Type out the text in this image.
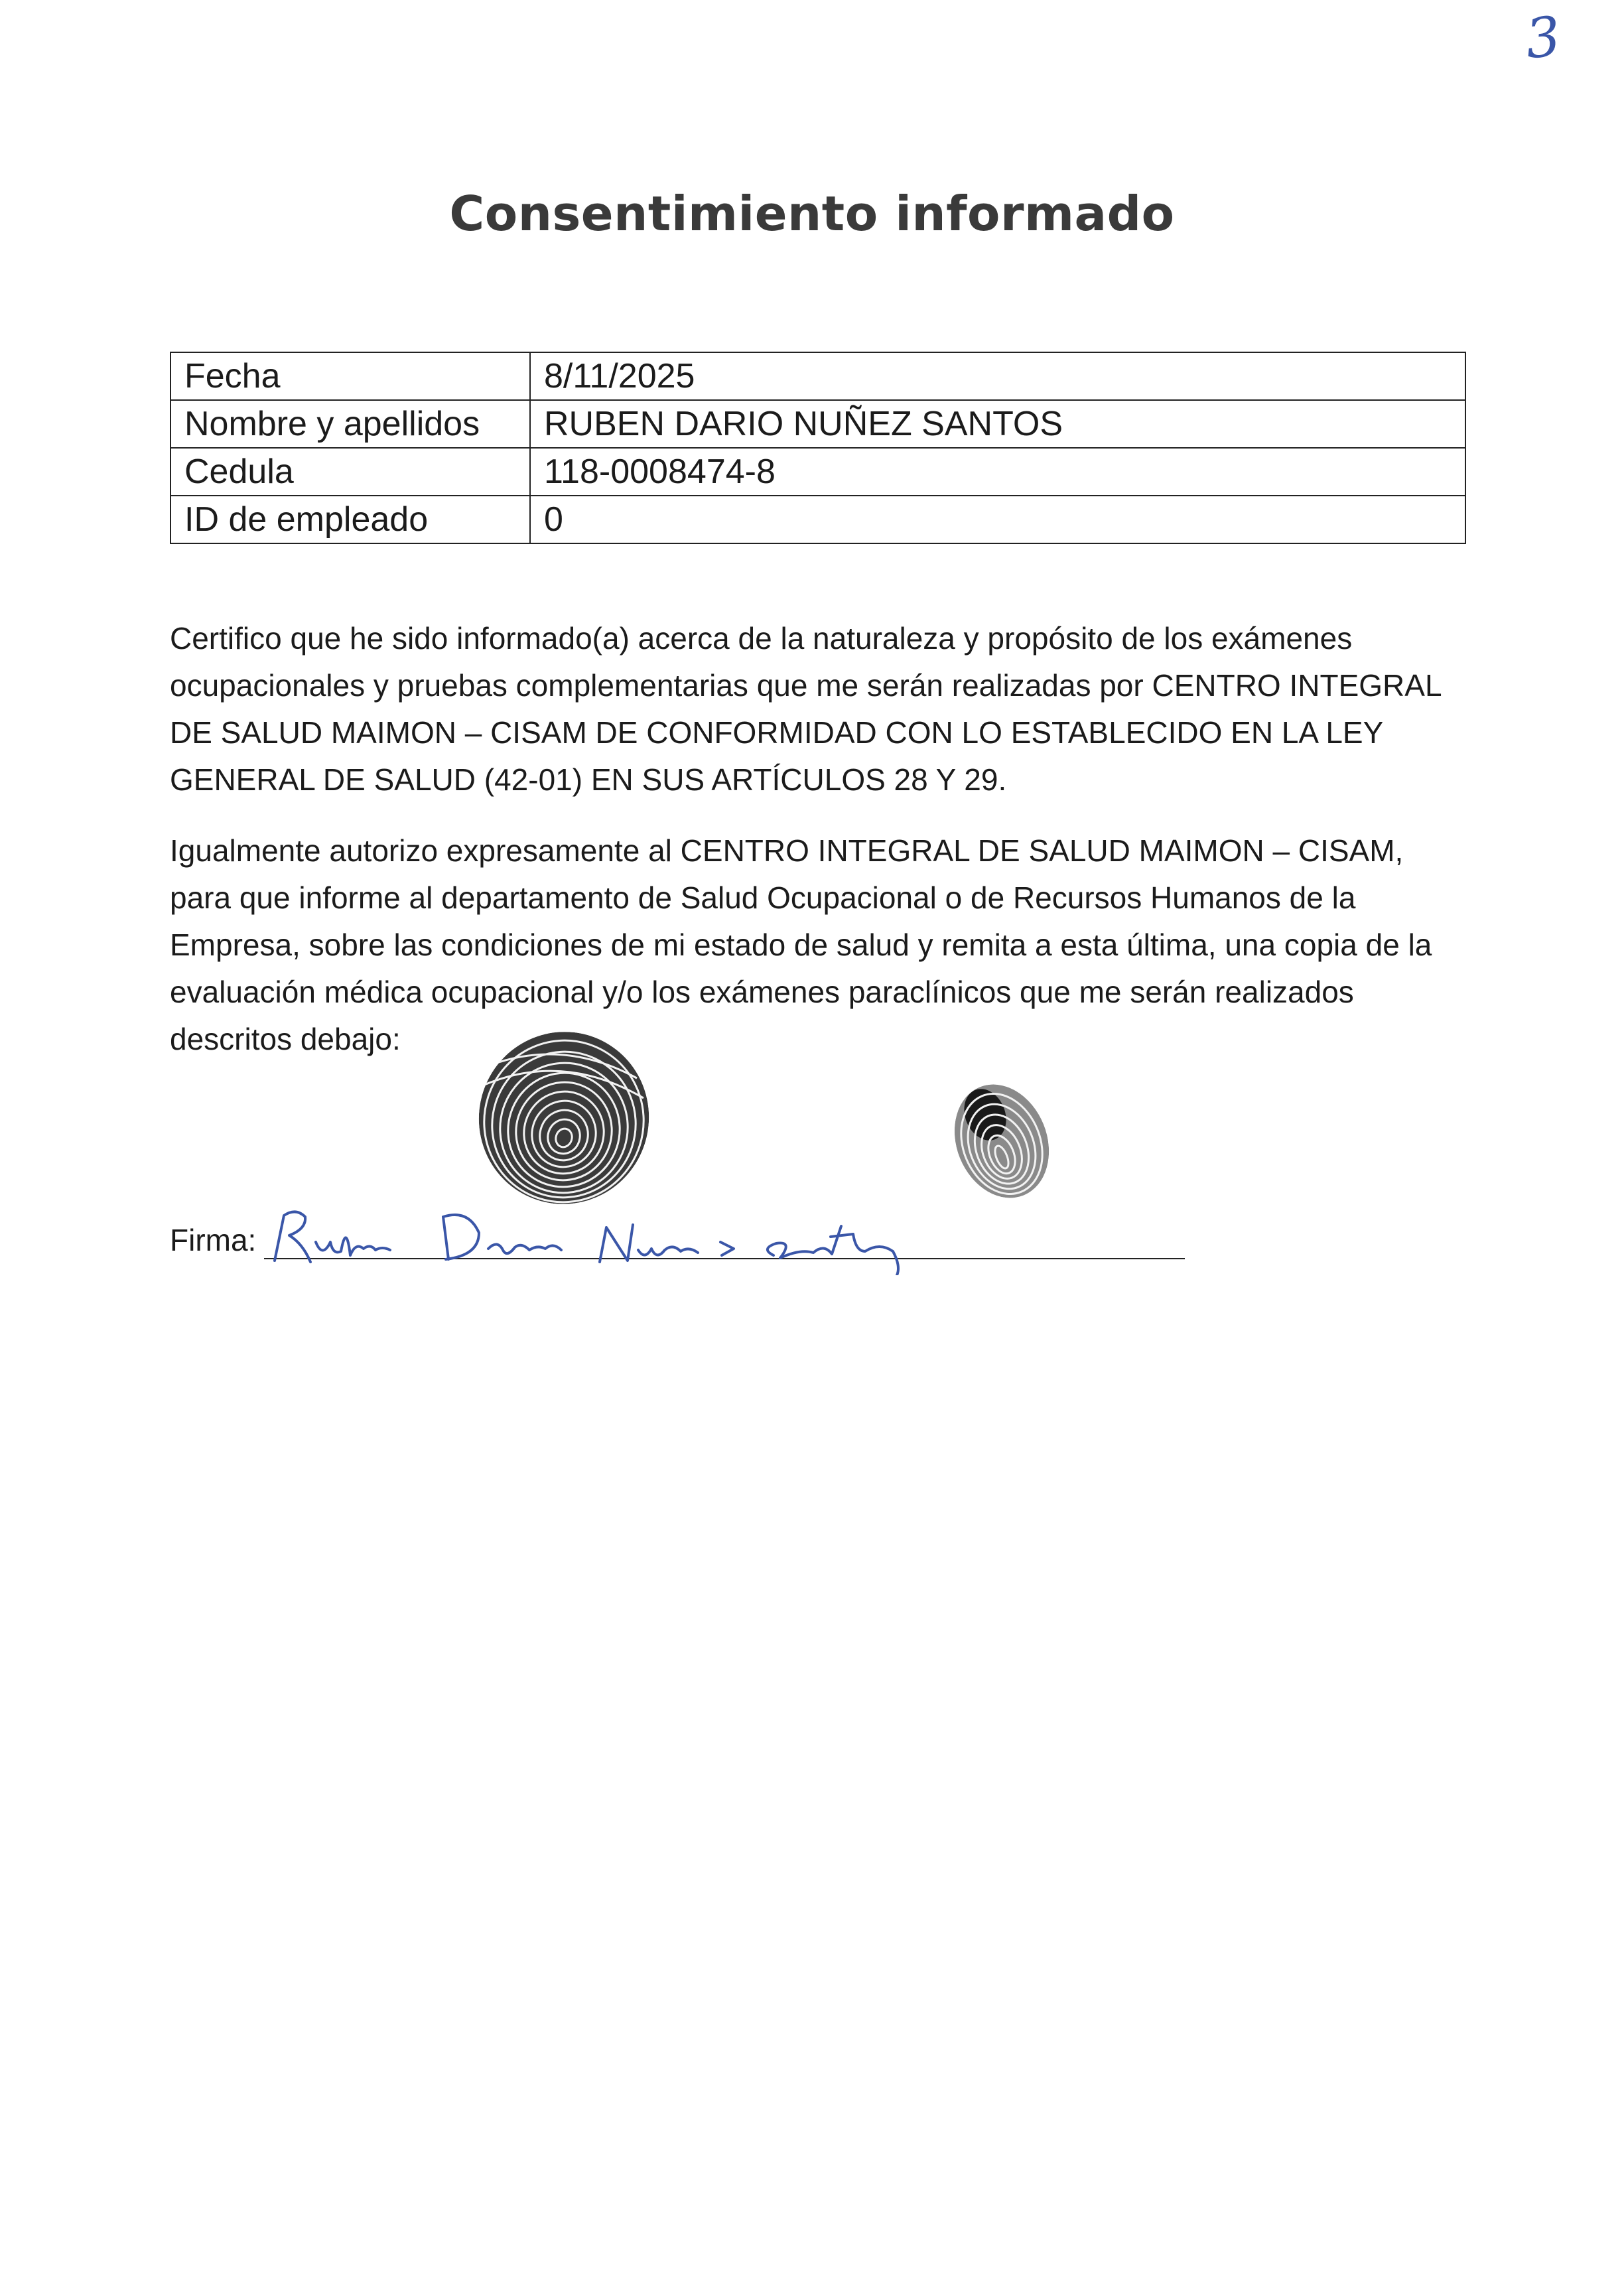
3
Consentimiento informado
Fecha	8/11/2025
Nombre y apellidos	RUBEN DARIO NUÑEZ SANTOS
Cedula	118-0008474-8
ID de empleado	0

Certifico que he sido informado(a) acerca de la naturaleza y propósito de los exámenes ocupacionales y pruebas complementarias que me serán realizadas por CENTRO INTEGRAL DE SALUD MAIMON – CISAM DE CONFORMIDAD CON LO ESTABLECIDO EN LA LEY GENERAL DE SALUD (42-01) EN SUS ARTÍCULOS 28 Y 29.

Igualmente autorizo expresamente al CENTRO INTEGRAL DE SALUD MAIMON – CISAM, para que informe al departamento de Salud Ocupacional o de Recursos Humanos de la Empresa, sobre las condiciones de mi estado de salud y remita a esta última, una copia de la evaluación médica ocupacional y/o los exámenes paraclínicos que me serán realizados descritos debajo:

Firma:
